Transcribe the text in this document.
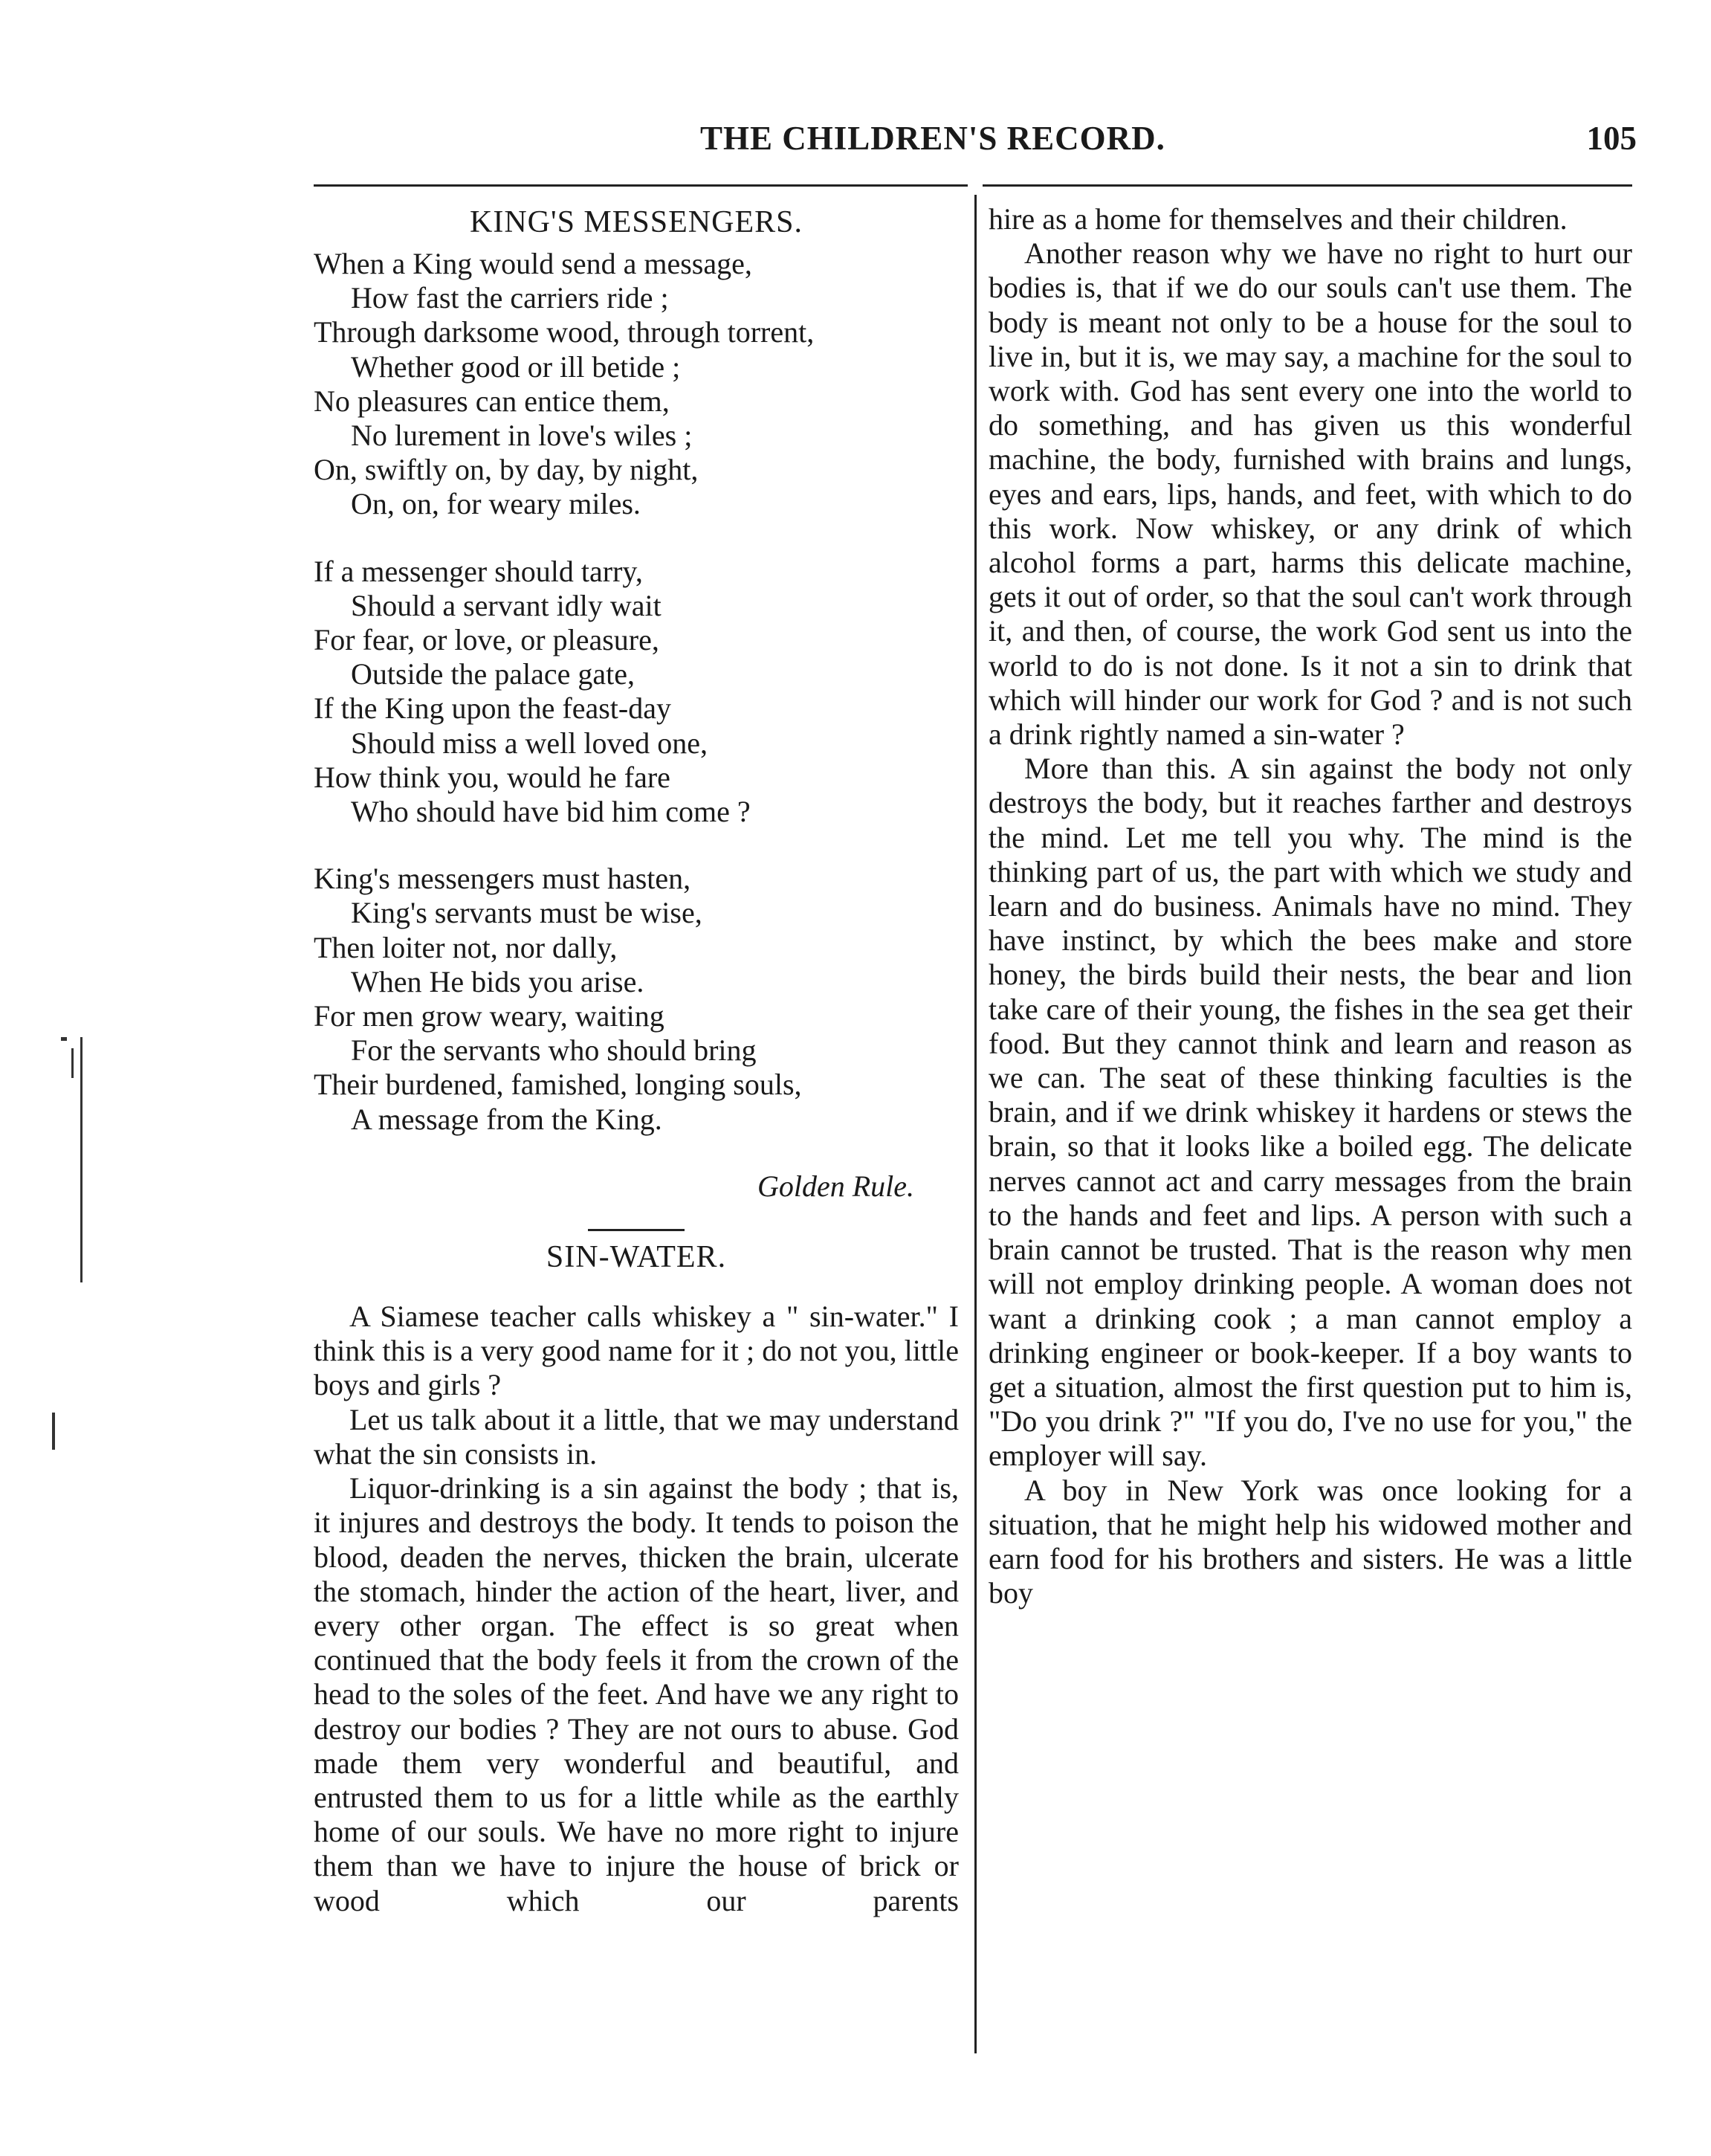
THE CHILDREN'S RECORD.	105
KING'S MESSENGERS.
When a King would send a message,
How fast the carriers ride ;
Through darksome wood, through torrent,
Whether good or ill betide ;
No pleasures can entice them,
No lurement in love's wiles ;
On, swiftly on, by day, by night,
On, on, for weary miles.
If a messenger should tarry,
Should a servant idly wait
For fear, or love, or pleasure,
Outside the palace gate,
If the King upon the feast-day
Should miss a well loved one,
How think you, would he fare
Who should have bid him come ?
King's messengers must hasten,
King's servants must be wise,
Then loiter not, nor dally,
When He bids you arise.
For men grow weary, waiting
For the servants who should bring
Their burdened, famished, longing souls,
A message from the King.
Golden Rule.
SIN-WATER.

A Siamese teacher calls whiskey a " sin-water." I think this is a very good name for it ; do not you, little boys and girls ?

Let us talk about it a little, that we may understand what the sin consists in.

Liquor-drinking is a sin against the body ; that is, it injures and destroys the body. It tends to poison the blood, deaden the nerves, thicken the brain, ulcerate the stomach, hinder the action of the heart, liver, and every other organ. The effect is so great when continued that the body feels it from the crown of the head to the soles of the feet. And have we any right to destroy our bodies ? They are not ours to abuse. God made them very wonderful and beautiful, and entrusted them to us for a little while as the earthly home of our souls. We have no more right to injure them than we have to injure the house of brick or wood which our parents

hire as a home for themselves and their children.

Another reason why we have no right to hurt our bodies is, that if we do our souls can't use them. The body is meant not only to be a house for the soul to live in, but it is, we may say, a machine for the soul to work with. God has sent every one into the world to do something, and has given us this wonderful machine, the body, furnished with brains and lungs, eyes and ears, lips, hands, and feet, with which to do this work. Now whiskey, or any drink of which alcohol forms a part, harms this delicate machine, gets it out of order, so that the soul can't work through it, and then, of course, the work God sent us into the world to do is not done. Is it not a sin to drink that which will hinder our work for God ? and is not such a drink rightly named a sin-water ?

More than this. A sin against the body not only destroys the body, but it reaches farther and destroys the mind. Let me tell you why. The mind is the thinking part of us, the part with which we study and learn and do business. Animals have no mind. They have instinct, by which the bees make and store honey, the birds build their nests, the bear and lion take care of their young, the fishes in the sea get their food. But they cannot think and learn and reason as we can. The seat of these thinking faculties is the brain, and if we drink whiskey it hardens or stews the brain, so that it looks like a boiled egg. The delicate nerves cannot act and carry messages from the brain to the hands and feet and lips. A person with such a brain cannot be trusted. That is the reason why men will not employ drinking people. A woman does not want a drinking cook ; a man cannot employ a drinking engineer or book-keeper. If a boy wants to get a situation, almost the first question put to him is, "Do you drink ?" "If you do, I've no use for you," the employer will say.

A boy in New York was once looking for a situation, that he might help his widowed mother and earn food for his brothers and sisters. He was a little boy
